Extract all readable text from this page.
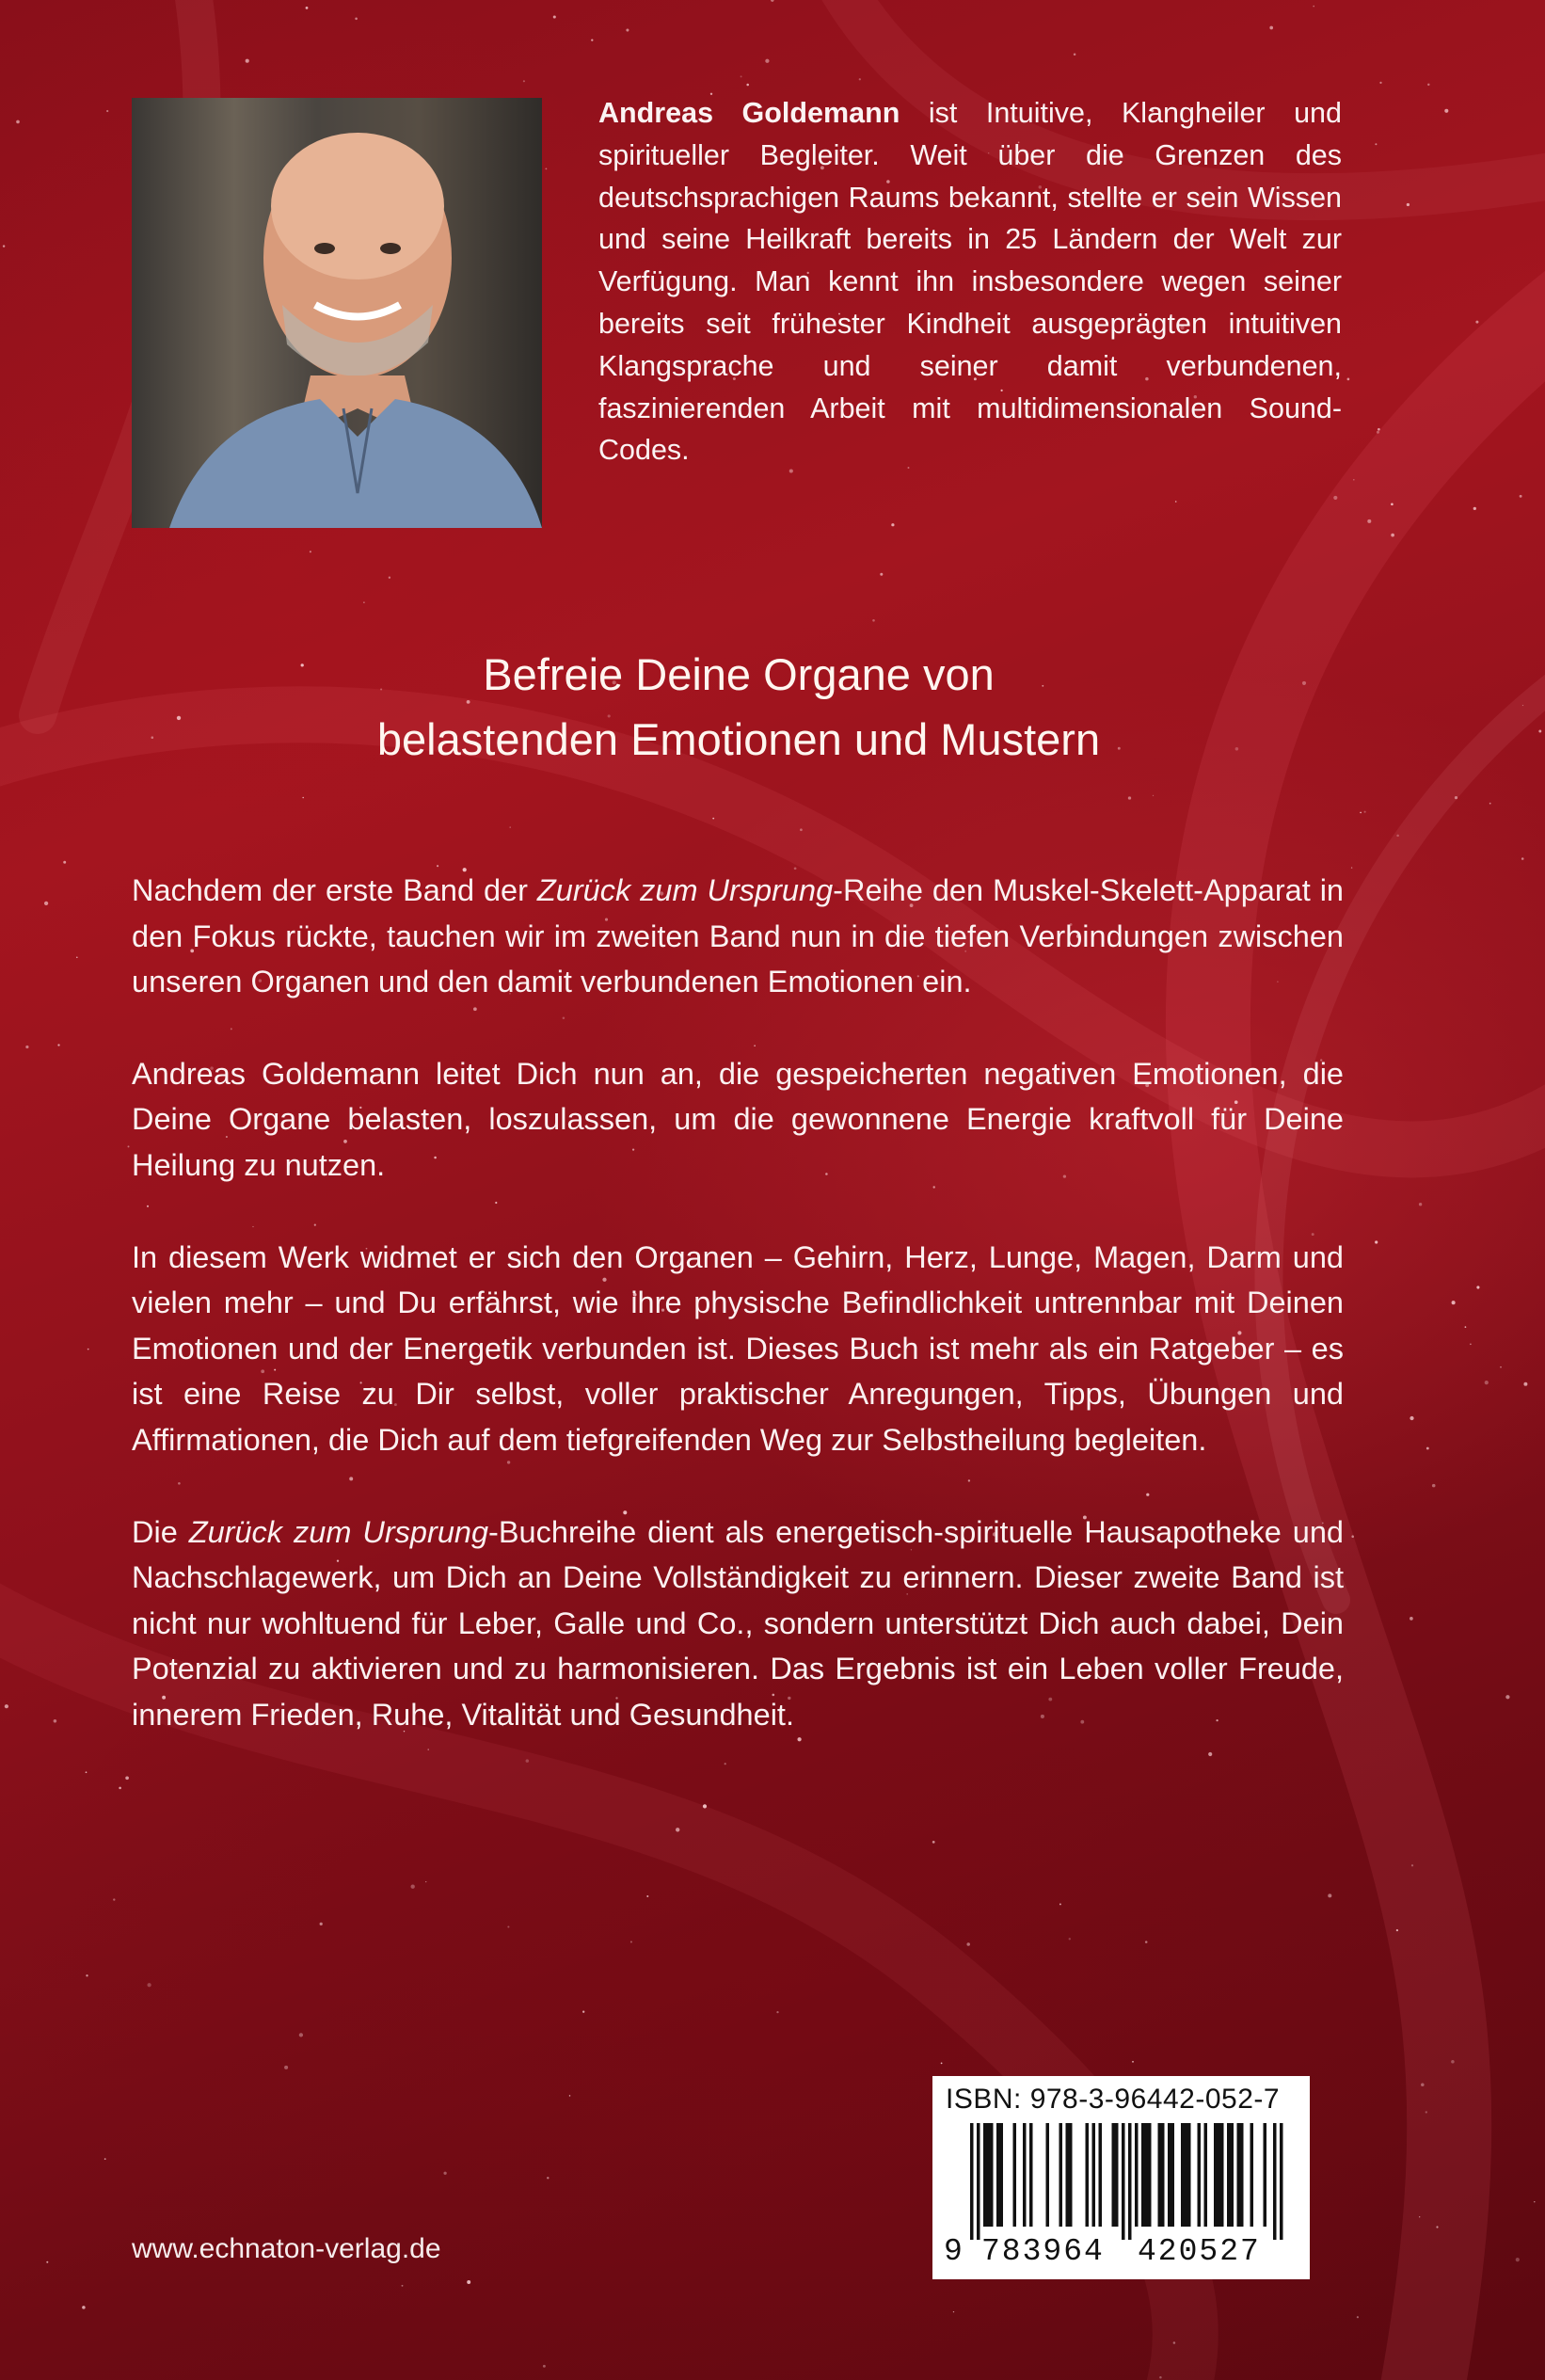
Andreas Goldemann ist Intuitive, Klangheiler und spiritueller Begleiter. Weit über die Grenzen des deutschsprachigen Raums bekannt, stellte er sein Wissen und seine Heilkraft bereits in 25 Ländern der Welt zur Verfügung. Man kennt ihn insbesondere wegen seiner bereits seit frühester Kindheit ausgeprägten intuitiven Klangsprache und seiner damit verbundenen, faszinierenden Arbeit mit multidimensionalen Sound-Codes.
Befreie Deine Organe von
belastenden Emotionen und Mustern

Nachdem der erste Band der Zurück zum Ursprung-Reihe den Muskel-Skelett-Apparat in den Fokus rückte, tauchen wir im zweiten Band nun in die tiefen Verbindungen zwischen unseren Organen und den damit verbundenen Emotionen ein.

Andreas Goldemann leitet Dich nun an, die gespeicherten negativen Emotionen, die Deine Organe belasten, loszulassen, um die gewonnene Energie kraftvoll für Deine Heilung zu nutzen.

In diesem Werk widmet er sich den Organen – Gehirn, Herz, Lunge, Magen, Darm und vielen mehr – und Du erfährst, wie ihre physische Befindlichkeit untrennbar mit Deinen Emotionen und der Energetik verbunden ist. Dieses Buch ist mehr als ein Ratgeber – es ist eine Reise zu Dir selbst, voller praktischer Anregungen, Tipps, Übungen und Affirmationen, die Dich auf dem tiefgreifenden Weg zur Selbstheilung begleiten.

Die Zurück zum Ursprung-Buchreihe dient als energetisch-spirituelle Hausapotheke und Nachschlagewerk, um Dich an Deine Vollständigkeit zu erinnern. Dieser zweite Band ist nicht nur wohltuend für Leber, Galle und Co., sondern unterstützt Dich auch dabei, Dein Potenzial zu aktivieren und zu harmonisieren. Das Ergebnis ist ein Leben voller Freude, innerem Frieden, Ruhe, Vitalität und Gesundheit.

www.echnaton-verlag.de
ISBN: 978-3-96442-052-7
9 783964 420527
